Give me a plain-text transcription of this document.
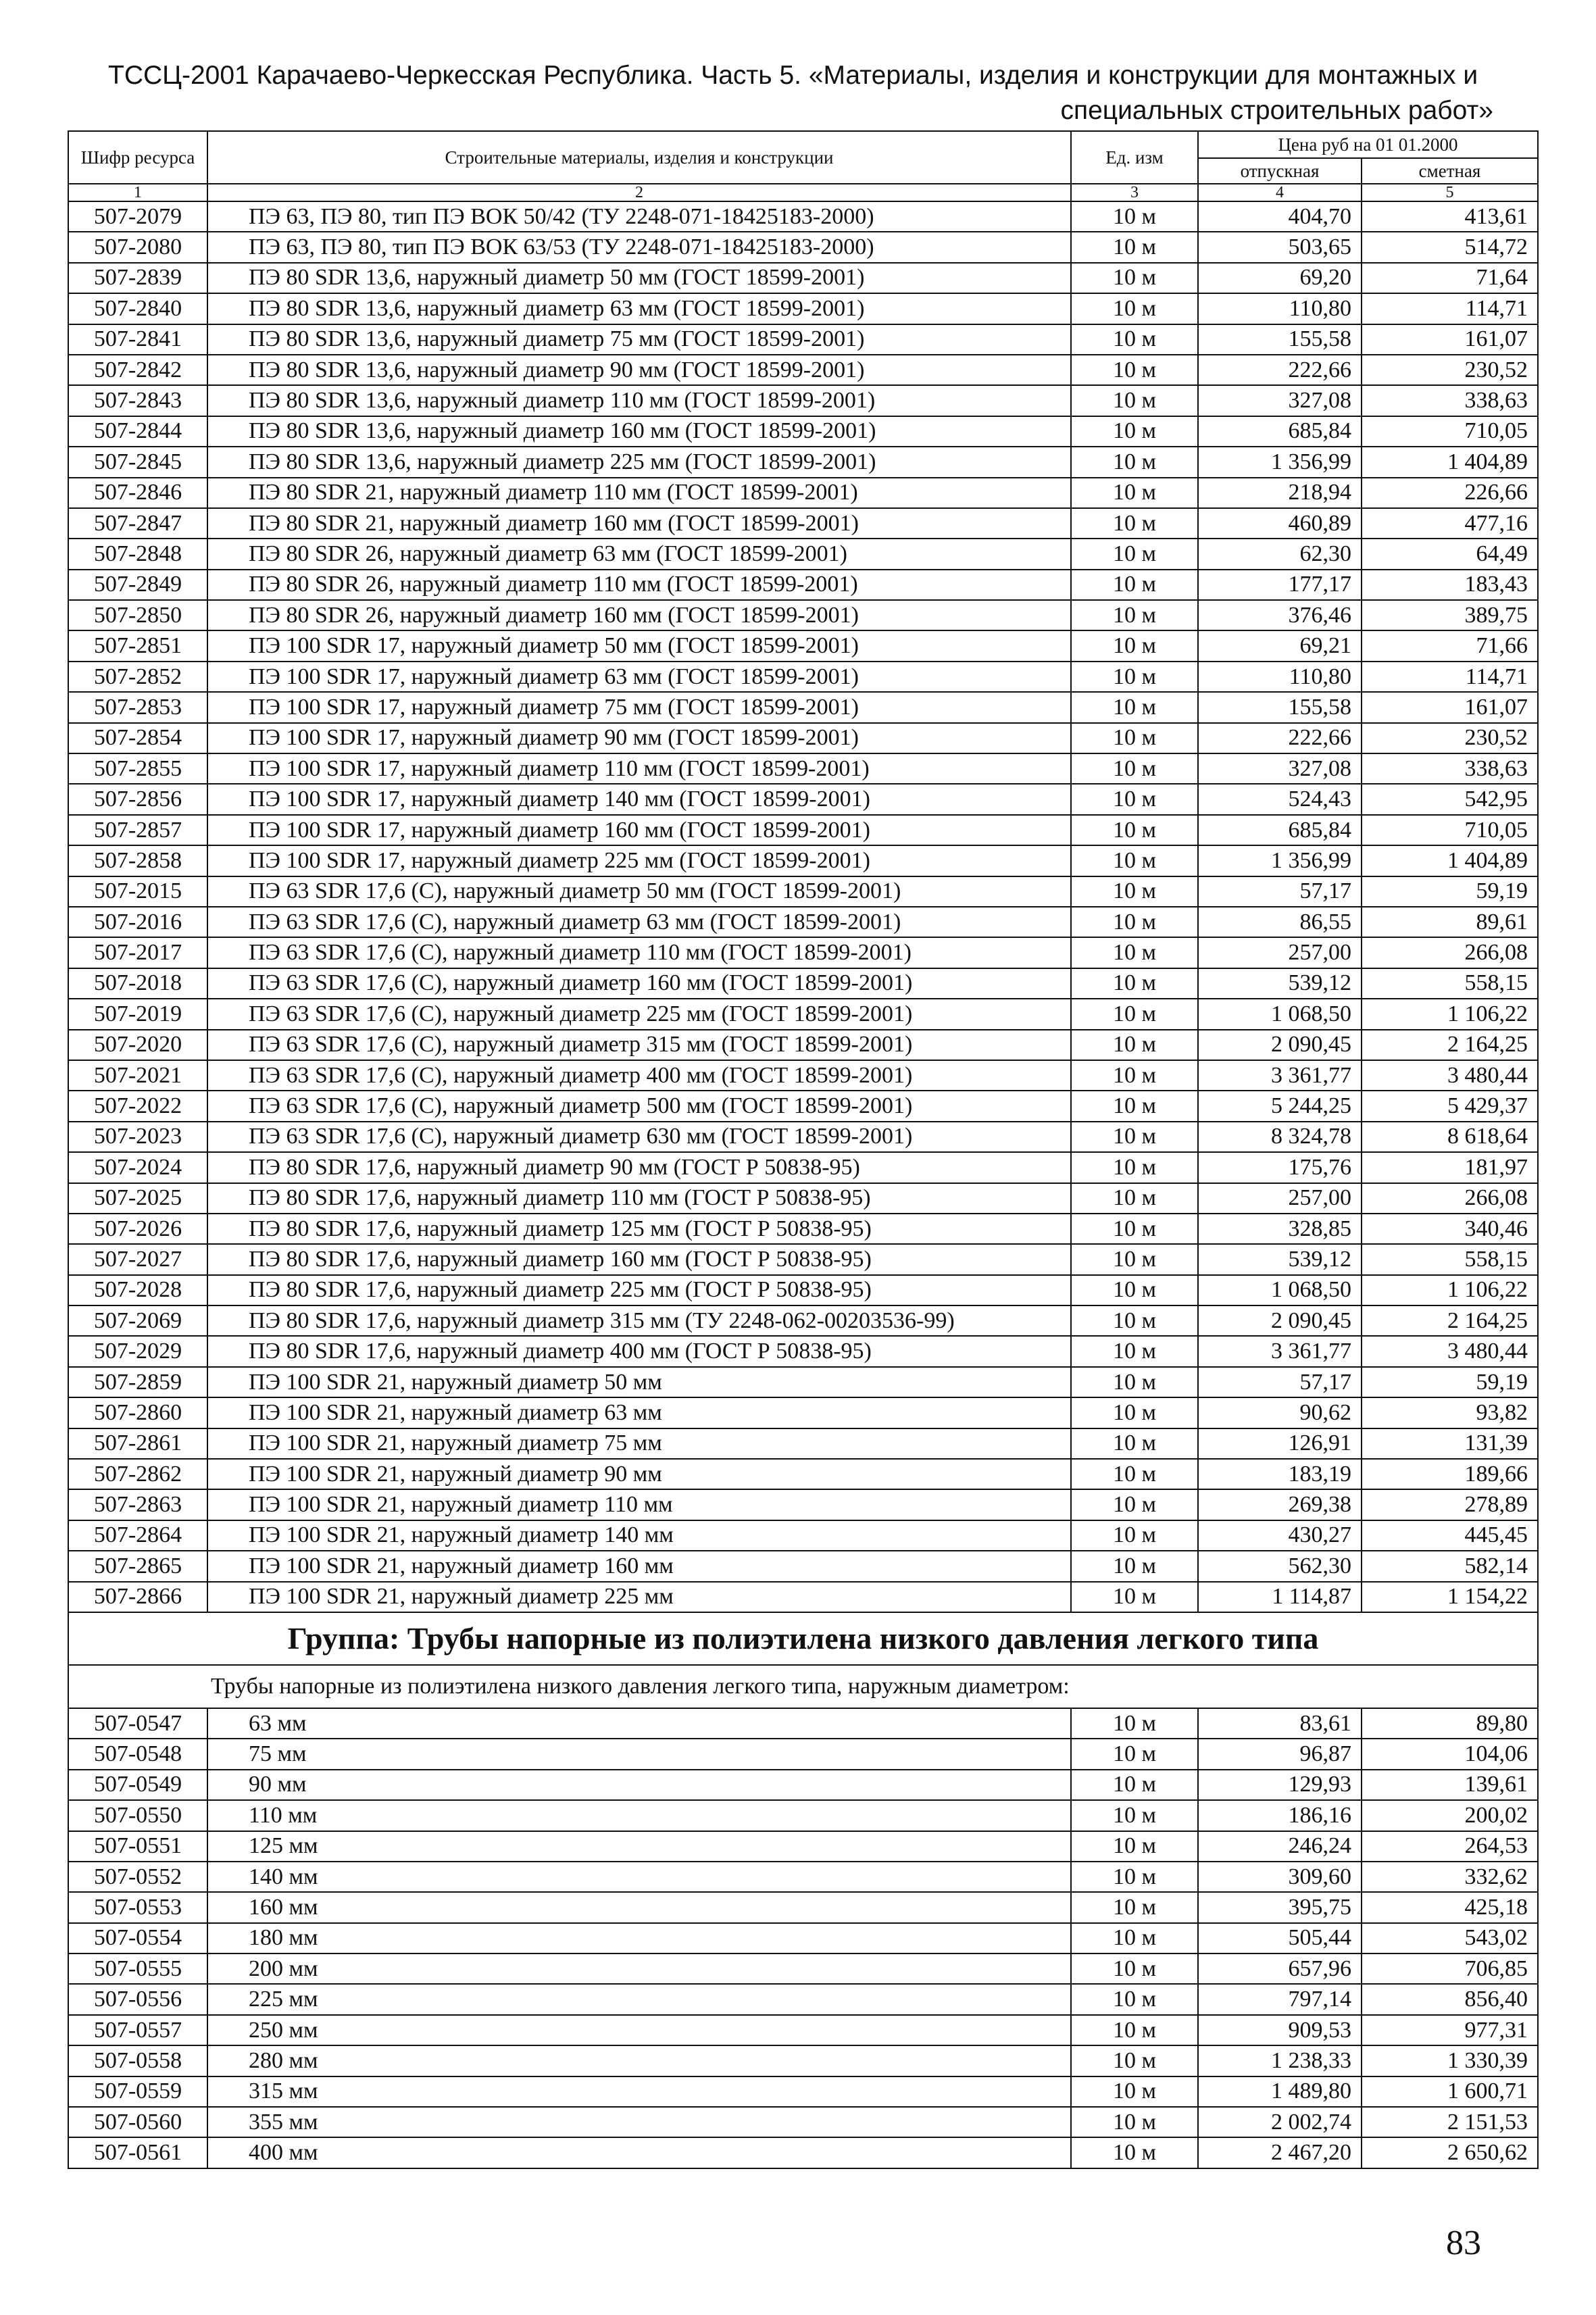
ТССЦ-2001 Карачаево-Черкесская Республика. Часть 5. «Материалы, изделия и конструкции для монтажных и
специальных строительных работ»
Шифр ресурса	Строительные материалы, изделия и конструкции	Ед. изм	Цена руб на 01 01.2000	
			отпускная	сметная
1	2	3	4	5
507-2079	ПЭ 63, ПЭ 80, тип ПЭ ВОК 50/42 (ТУ 2248-071-18425183-2000)	10 м	404,70	413,61
507-2080	ПЭ 63, ПЭ 80, тип ПЭ ВОК 63/53 (ТУ 2248-071-18425183-2000)	10 м	503,65	514,72
507-2839	ПЭ 80 SDR 13,6, наружный диаметр 50 мм (ГОСТ 18599-2001)	10 м	69,20	71,64
507-2840	ПЭ 80 SDR 13,6, наружный диаметр 63 мм (ГОСТ 18599-2001)	10 м	110,80	114,71
507-2841	ПЭ 80 SDR 13,6, наружный диаметр 75 мм (ГОСТ 18599-2001)	10 м	155,58	161,07
507-2842	ПЭ 80 SDR 13,6, наружный диаметр 90 мм (ГОСТ 18599-2001)	10 м	222,66	230,52
507-2843	ПЭ 80 SDR 13,6, наружный диаметр 110 мм (ГОСТ 18599-2001)	10 м	327,08	338,63
507-2844	ПЭ 80 SDR 13,6, наружный диаметр 160 мм (ГОСТ 18599-2001)	10 м	685,84	710,05
507-2845	ПЭ 80 SDR 13,6, наружный диаметр 225 мм (ГОСТ 18599-2001)	10 м	1 356,99	1 404,89
507-2846	ПЭ 80 SDR 21, наружный диаметр 110 мм (ГОСТ 18599-2001)	10 м	218,94	226,66
507-2847	ПЭ 80 SDR 21, наружный диаметр 160 мм (ГОСТ 18599-2001)	10 м	460,89	477,16
507-2848	ПЭ 80 SDR 26, наружный диаметр 63 мм (ГОСТ 18599-2001)	10 м	62,30	64,49
507-2849	ПЭ 80 SDR 26, наружный диаметр 110 мм (ГОСТ 18599-2001)	10 м	177,17	183,43
507-2850	ПЭ 80 SDR 26, наружный диаметр 160 мм (ГОСТ 18599-2001)	10 м	376,46	389,75
507-2851	ПЭ 100 SDR 17, наружный диаметр 50 мм (ГОСТ 18599-2001)	10 м	69,21	71,66
507-2852	ПЭ 100 SDR 17, наружный диаметр 63 мм (ГОСТ 18599-2001)	10 м	110,80	114,71
507-2853	ПЭ 100 SDR 17, наружный диаметр 75 мм (ГОСТ 18599-2001)	10 м	155,58	161,07
507-2854	ПЭ 100 SDR 17, наружный диаметр 90 мм (ГОСТ 18599-2001)	10 м	222,66	230,52
507-2855	ПЭ 100 SDR 17, наружный диаметр 110 мм (ГОСТ 18599-2001)	10 м	327,08	338,63
507-2856	ПЭ 100 SDR 17, наружный диаметр 140 мм (ГОСТ 18599-2001)	10 м	524,43	542,95
507-2857	ПЭ 100 SDR 17, наружный диаметр 160 мм (ГОСТ 18599-2001)	10 м	685,84	710,05
507-2858	ПЭ 100 SDR 17, наружный диаметр 225 мм (ГОСТ 18599-2001)	10 м	1 356,99	1 404,89
507-2015	ПЭ 63 SDR 17,6 (С), наружный диаметр 50 мм (ГОСТ 18599-2001)	10 м	57,17	59,19
507-2016	ПЭ 63 SDR 17,6 (С), наружный диаметр 63 мм (ГОСТ 18599-2001)	10 м	86,55	89,61
507-2017	ПЭ 63 SDR 17,6 (С), наружный диаметр 110 мм (ГОСТ 18599-2001)	10 м	257,00	266,08
507-2018	ПЭ 63 SDR 17,6 (С), наружный диаметр 160 мм (ГОСТ 18599-2001)	10 м	539,12	558,15
507-2019	ПЭ 63 SDR 17,6 (С), наружный диаметр 225 мм (ГОСТ 18599-2001)	10 м	1 068,50	1 106,22
507-2020	ПЭ 63 SDR 17,6 (С), наружный диаметр 315 мм (ГОСТ 18599-2001)	10 м	2 090,45	2 164,25
507-2021	ПЭ 63 SDR 17,6 (С), наружный диаметр 400 мм (ГОСТ 18599-2001)	10 м	3 361,77	3 480,44
507-2022	ПЭ 63 SDR 17,6 (С), наружный диаметр 500 мм (ГОСТ 18599-2001)	10 м	5 244,25	5 429,37
507-2023	ПЭ 63 SDR 17,6 (С), наружный диаметр 630 мм (ГОСТ 18599-2001)	10 м	8 324,78	8 618,64
507-2024	ПЭ 80 SDR 17,6, наружный диаметр 90 мм (ГОСТ Р 50838-95)	10 м	175,76	181,97
507-2025	ПЭ 80 SDR 17,6, наружный диаметр 110 мм (ГОСТ Р 50838-95)	10 м	257,00	266,08
507-2026	ПЭ 80 SDR 17,6, наружный диаметр 125 мм (ГОСТ Р 50838-95)	10 м	328,85	340,46
507-2027	ПЭ 80 SDR 17,6, наружный диаметр 160 мм (ГОСТ Р 50838-95)	10 м	539,12	558,15
507-2028	ПЭ 80 SDR 17,6, наружный диаметр 225 мм (ГОСТ Р 50838-95)	10 м	1 068,50	1 106,22
507-2069	ПЭ 80 SDR 17,6, наружный диаметр 315 мм (ТУ 2248-062-00203536-99)	10 м	2 090,45	2 164,25
507-2029	ПЭ 80 SDR 17,6, наружный диаметр 400 мм (ГОСТ Р 50838-95)	10 м	3 361,77	3 480,44
507-2859	ПЭ 100 SDR 21, наружный диаметр 50 мм	10 м	57,17	59,19
507-2860	ПЭ 100 SDR 21, наружный диаметр 63 мм	10 м	90,62	93,82
507-2861	ПЭ 100 SDR 21, наружный диаметр 75 мм	10 м	126,91	131,39
507-2862	ПЭ 100 SDR 21, наружный диаметр 90 мм	10 м	183,19	189,66
507-2863	ПЭ 100 SDR 21, наружный диаметр 110 мм	10 м	269,38	278,89
507-2864	ПЭ 100 SDR 21, наружный диаметр 140 мм	10 м	430,27	445,45
507-2865	ПЭ 100 SDR 21, наружный диаметр 160 мм	10 м	562,30	582,14
507-2866	ПЭ 100 SDR 21, наружный диаметр 225 мм	10 м	1 114,87	1 154,22
Группа: Трубы напорные из полиэтилена низкого давления легкого типа				
Трубы напорные из полиэтилена низкого давления легкого типа, наружным диаметром:				
507-0547	63 мм	10 м	83,61	89,80
507-0548	75 мм	10 м	96,87	104,06
507-0549	90 мм	10 м	129,93	139,61
507-0550	110 мм	10 м	186,16	200,02
507-0551	125 мм	10 м	246,24	264,53
507-0552	140 мм	10 м	309,60	332,62
507-0553	160 мм	10 м	395,75	425,18
507-0554	180 мм	10 м	505,44	543,02
507-0555	200 мм	10 м	657,96	706,85
507-0556	225 мм	10 м	797,14	856,40
507-0557	250 мм	10 м	909,53	977,31
507-0558	280 мм	10 м	1 238,33	1 330,39
507-0559	315 мм	10 м	1 489,80	1 600,71
507-0560	355 мм	10 м	2 002,74	2 151,53
507-0561	400 мм	10 м	2 467,20	2 650,62
83
